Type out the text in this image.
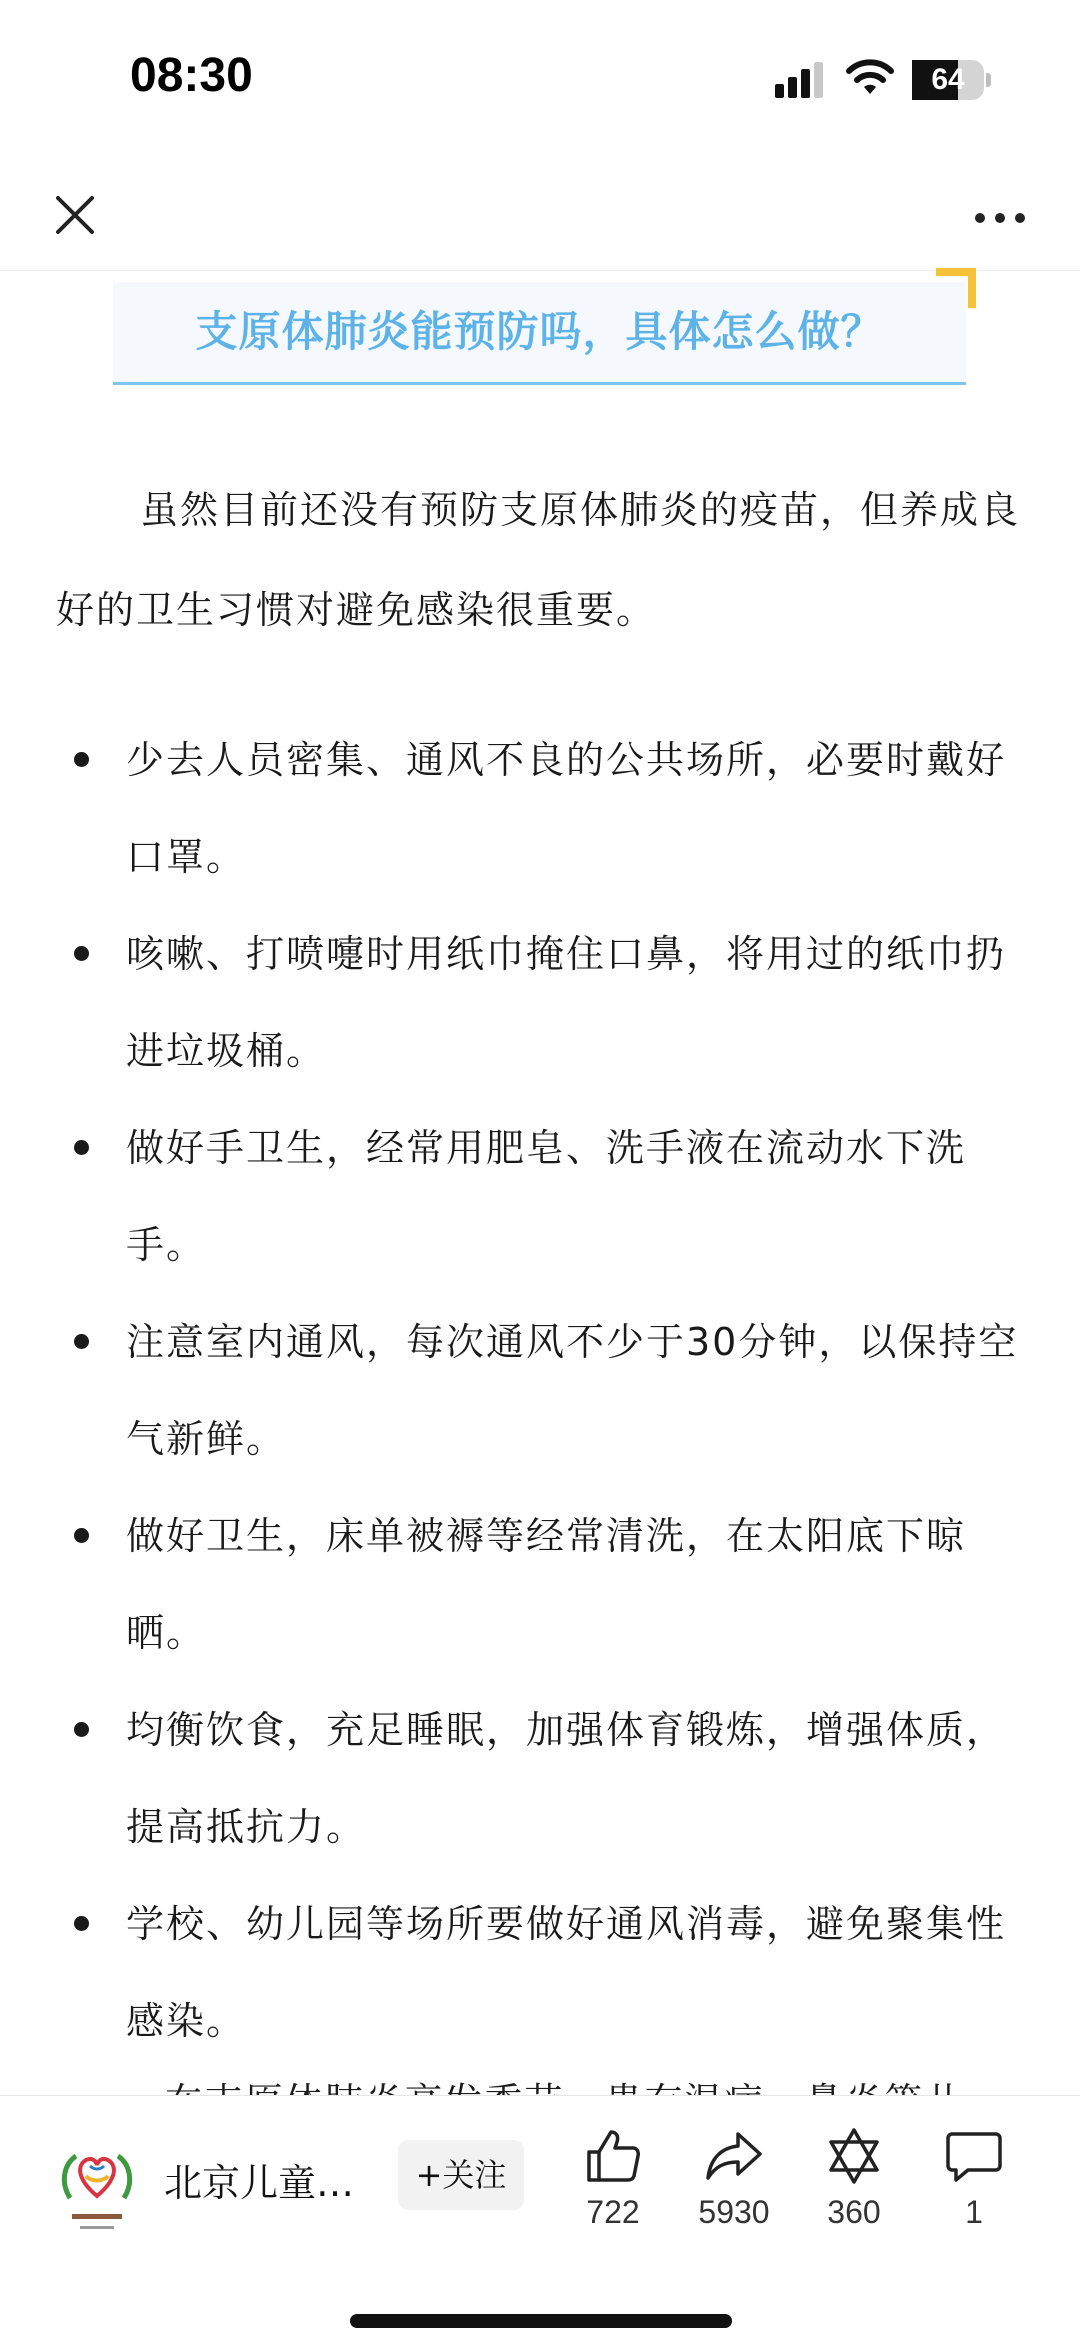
08:30	64
支原体肺炎能预防吗，具体怎么做？
虽然目前还没有预防支原体肺炎的疫苗，但养成良好的卫生习惯对避免感染很重要。
少去人员密集、通风不良的公共场所，必要时戴好口罩。
咳嗽、打喷嚏时用纸巾掩住口鼻，将用过的纸巾扔进垃圾桶。
做好手卫生，经常用肥皂、洗手液在流动水下洗手。
注意室内通风，每次通风不少于30分钟，以保持空气新鲜。
做好卫生，床单被褥等经常清洗，在太阳底下晾晒。
均衡饮食，充足睡眠，加强体育锻炼，增强体质，提高抵抗力。
学校、幼儿园等场所要做好通风消毒，避免聚集性感染。
北京儿童…	+关注
722	5930	360	1
